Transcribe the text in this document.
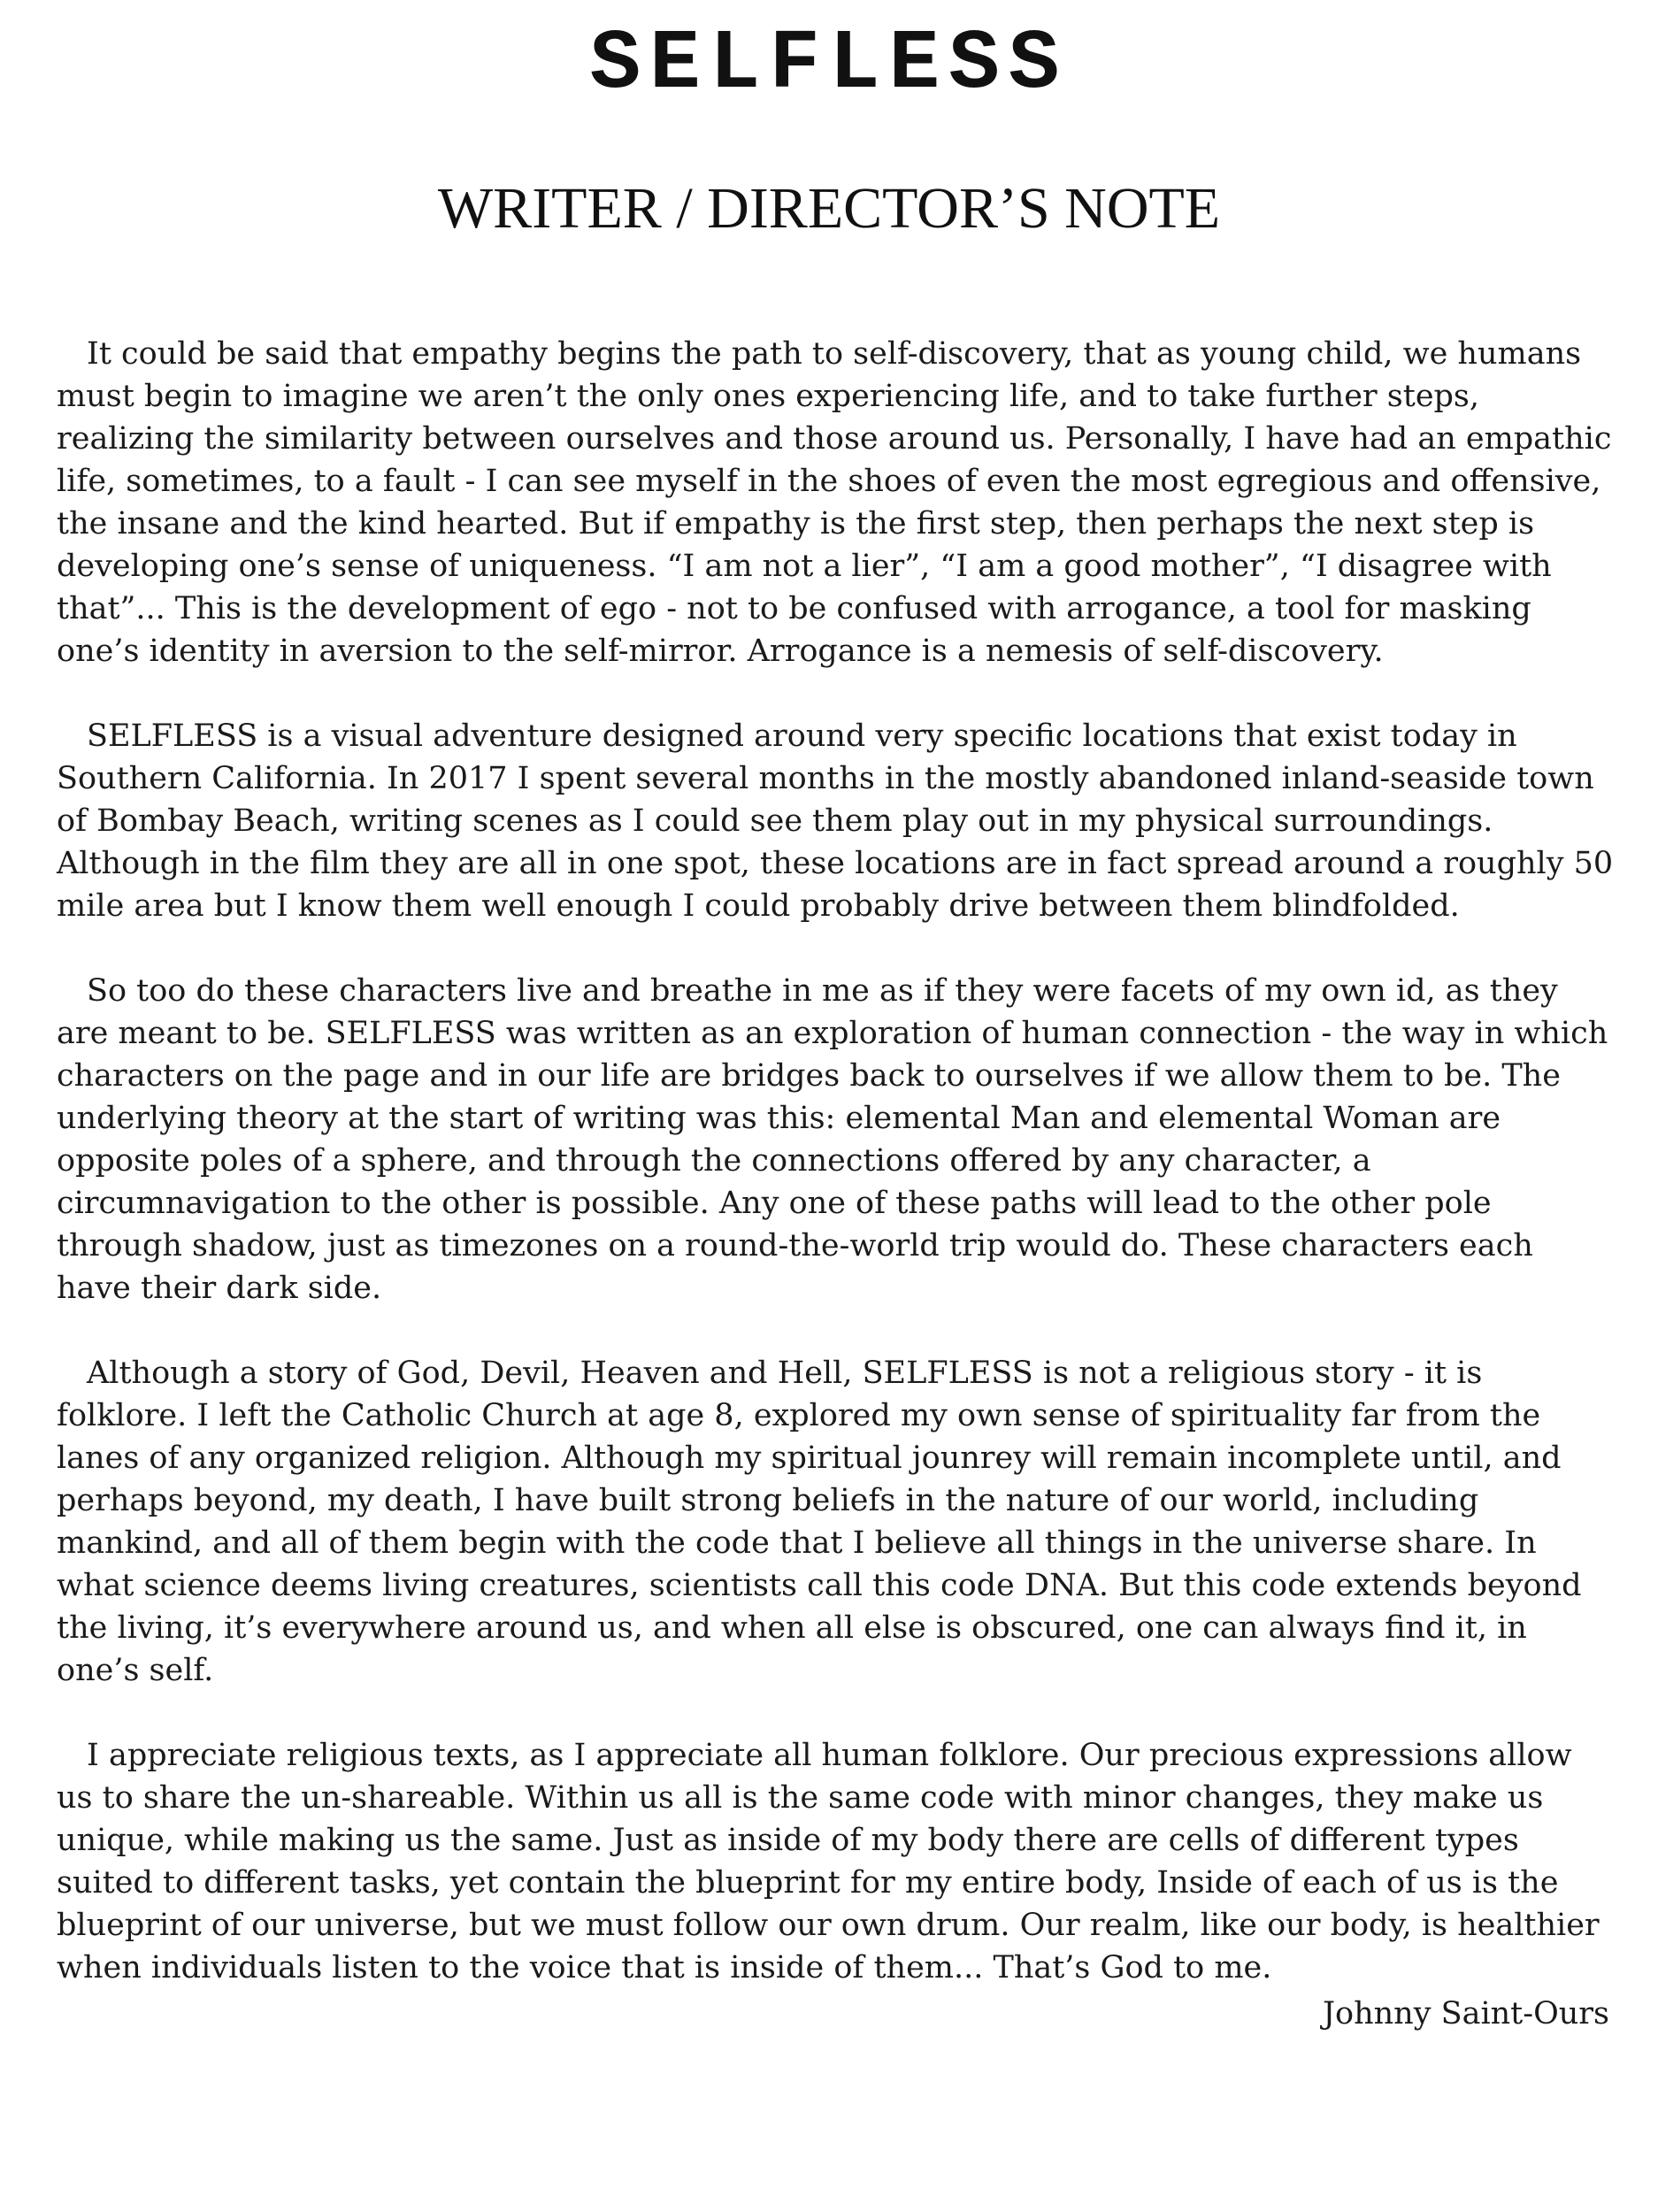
SELFLESS
WRITER / DIRECTOR’S NOTE

It could be said that empathy begins the path to self-discovery, that as young child, we humans must begin to imagine we aren’t the only ones experiencing life, and to take further steps, realizing the similarity between ourselves and those around us. Personally, I have had an empathic life, sometimes, to a fault - I can see myself in the shoes of even the most egregious and offensive, the insane and the kind hearted. But if empathy is the first step, then perhaps the next step is developing one’s sense of uniqueness. “I am not a lier”, “I am a good mother”, “I disagree with that”... This is the development of ego - not to be confused with arrogance, a tool for masking one’s identity in aversion to the self-mirror. Arrogance is a nemesis of self-discovery.

SELFLESS is a visual adventure designed around very specific locations that exist today in Southern California. In 2017 I spent several months in the mostly abandoned inland-seaside town of Bombay Beach, writing scenes as I could see them play out in my physical surroundings. Although in the film they are all in one spot, these locations are in fact spread around a roughly 50 mile area but I know them well enough I could probably drive between them blindfolded.

So too do these characters live and breathe in me as if they were facets of my own id, as they are meant to be. SELFLESS was written as an exploration of human connection - the way in which characters on the page and in our life are bridges back to ourselves if we allow them to be. The underlying theory at the start of writing was this: elemental Man and elemental Woman are opposite poles of a sphere, and through the connections offered by any character, a circumnavigation to the other is possible. Any one of these paths will lead to the other pole through shadow, just as timezones on a round-the-world trip would do. These characters each have their dark side.

Although a story of God, Devil, Heaven and Hell, SELFLESS is not a religious story - it is folklore. I left the Catholic Church at age 8, explored my own sense of spirituality far from the lanes of any organized religion. Although my spiritual jounrey will remain incomplete until, and perhaps beyond, my death, I have built strong beliefs in the nature of our world, including mankind, and all of them begin with the code that I believe all things in the universe share. In what science deems living creatures, scientists call this code DNA. But this code extends beyond the living, it’s everywhere around us, and when all else is obscured, one can always find it, in one’s self.

I appreciate religious texts, as I appreciate all human folklore. Our precious expressions allow us to share the un-shareable. Within us all is the same code with minor changes, they make us unique, while making us the same. Just as inside of my body there are cells of different types suited to different tasks, yet contain the blueprint for my entire body, Inside of each of us is the blueprint of our universe, but we must follow our own drum. Our realm, like our body, is healthier when individuals listen to the voice that is inside of them... That’s God to me.

Johnny Saint-Ours
